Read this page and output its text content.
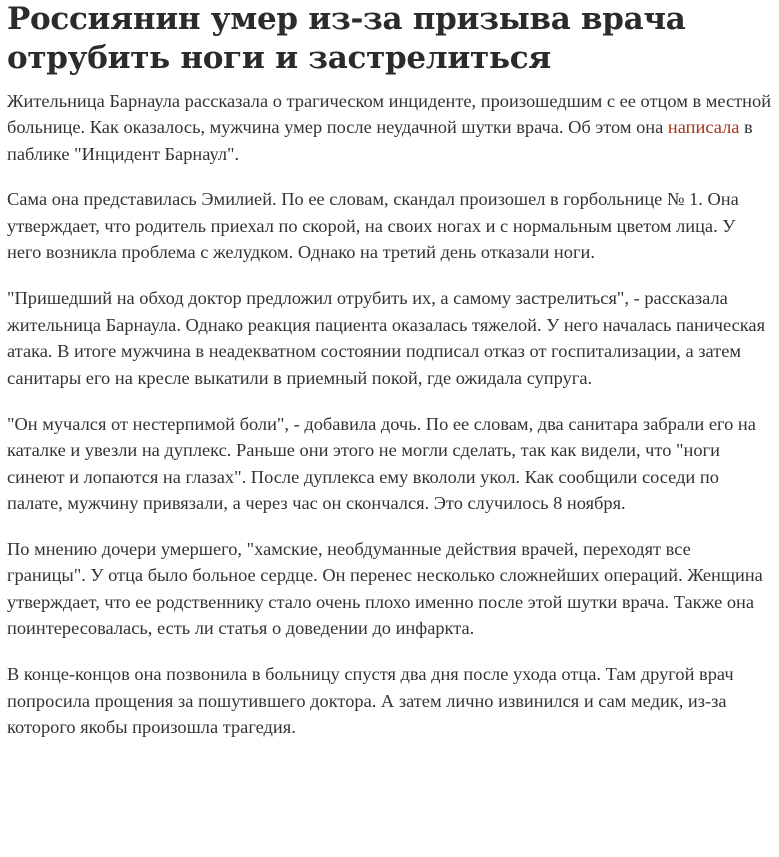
Россиянин умер из-за призыва врача отрубить ноги и застрелиться

Жительница Барнаула рассказала о трагическом инциденте, произошедшим с ее отцом в местной больнице. Как оказалось, мужчина умер после неудачной шутки врача. Об этом она написала в паблике "Инцидент Барнаул".

Сама она представилась Эмилией. По ее словам, скандал произошел в горбольнице № 1. Она утверждает, что родитель приехал по скорой, на своих ногах и с нормальным цветом лица. У него возникла проблема с желудком. Однако на третий день отказали ноги.

"Пришедший на обход доктор предложил отрубить их, а самому застрелиться", - рассказала жительница Барнаула. Однако реакция пациента оказалась тяжелой. У него началась паническая атака. В итоге мужчина в неадекватном состоянии подписал отказ от госпитализации, а затем санитары его на кресле выкатили в приемный покой, где ожидала супруга.

"Он мучался от нестерпимой боли", - добавила дочь. По ее словам, два санитара забрали его на каталке и увезли на дуплекс. Раньше они этого не могли сделать, так как видели, что "ноги синеют и лопаются на глазах". После дуплекса ему вкололи укол. Как сообщили соседи по палате, мужчину привязали, а через час он скончался. Это случилось 8 ноября.

По мнению дочери умершего, "хамские, необдуманные действия врачей, переходят все границы". У отца было больное сердце. Он перенес несколько сложнейших операций. Женщина утверждает, что ее родственнику стало очень плохо именно после этой шутки врача. Также она поинтересовалась, есть ли статья о доведении до инфаркта.

В конце-концов она позвонила в больницу спустя два дня после ухода отца. Там другой врач попросила прощения за пошутившего доктора. А затем лично извинился и сам медик, из-за которого якобы произошла трагедия.
